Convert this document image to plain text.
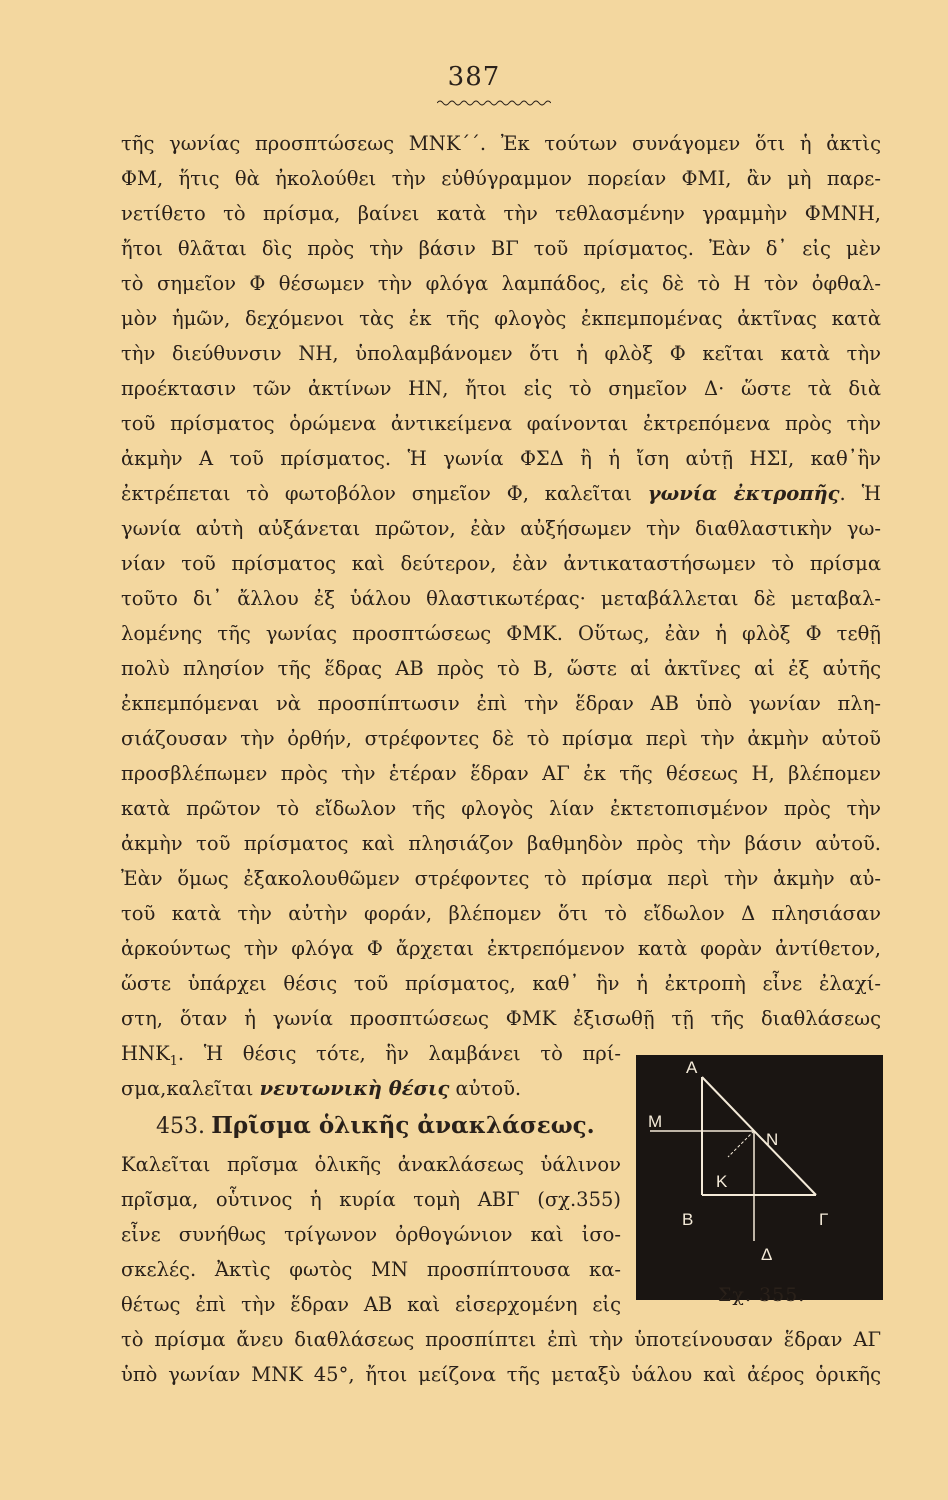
387
τῆς γωνίας προσπτώσεως ΜΝΚ΄΄. Ἐκ τούτων συνάγομεν ὅτι ἡ ἀκτὶς
ΦΜ, ἥτις θὰ ἠκολούθει τὴν εὐθύγραμμον πορείαν ΦΜΙ, ἂν μὴ παρε-
νετίθετο τὸ πρίσμα, βαίνει κατὰ τὴν τεθλασμένην γραμμὴν ΦΜΝΗ,
ἤτοι θλᾶται δὶς πρὸς τὴν βάσιν ΒΓ τοῦ πρίσματος. Ἐὰν δ᾽ εἰς μὲν
τὸ σημεῖον Φ θέσωμεν τὴν φλόγα λαμπάδος, εἰς δὲ τὸ Η τὸν ὀφθαλ-
μὸν ἡμῶν, δεχόμενοι τὰς ἐκ τῆς φλογὸς ἐκπεμπομένας ἀκτῖνας κατὰ
τὴν διεύθυνσιν ΝΗ, ὑπολαμβάνομεν ὅτι ἡ φλὸξ Φ κεῖται κατὰ τὴν
προέκτασιν τῶν ἀκτίνων ΗΝ, ἤτοι εἰς τὸ σημεῖον Δ· ὥστε τὰ διὰ
τοῦ πρίσματος ὁρώμενα ἀντικείμενα φαίνονται ἐκτρεπόμενα πρὸς τὴν
ἀκμὴν Α τοῦ πρίσματος. Ἡ γωνία ΦΣΔ ἢ ἡ ἴση αὐτῇ ΗΣΙ, καθ᾽ἣν
ἐκτρέπεται τὸ φωτοβόλον σημεῖον Φ, καλεῖται γωνία ἐκτροπῆς. Ἡ
γωνία αὐτὴ αὐξάνεται πρῶτον, ἐὰν αὐξήσωμεν τὴν διαθλαστικὴν γω-
νίαν τοῦ πρίσματος καὶ δεύτερον, ἐὰν ἀντικαταστήσωμεν τὸ πρίσμα
τοῦτο δι᾽ ἄλλου ἐξ ὑάλου θλαστικωτέρας· μεταβάλλεται δὲ μεταβαλ-
λομένης τῆς γωνίας προσπτώσεως ΦΜΚ. Οὕτως, ἐὰν ἡ φλὸξ Φ τεθῇ
πολὺ πλησίον τῆς ἕδρας ΑΒ πρὸς τὸ Β, ὥστε αἱ ἀκτῖνες αἱ ἐξ αὐτῆς
ἐκπεμπόμεναι νὰ προσπίπτωσιν ἐπὶ τὴν ἕδραν ΑΒ ὑπὸ γωνίαν πλη-
σιάζουσαν τὴν ὀρθήν, στρέφοντες δὲ τὸ πρίσμα περὶ τὴν ἀκμὴν αὐτοῦ
προσβλέπωμεν πρὸς τὴν ἑτέραν ἕδραν ΑΓ ἐκ τῆς θέσεως Η, βλέπομεν
κατὰ πρῶτον τὸ εἴδωλον τῆς φλογὸς λίαν ἐκτετοπισμένον πρὸς τὴν
ἀκμὴν τοῦ πρίσματος καὶ πλησιάζον βαθμηδὸν πρὸς τὴν βάσιν αὐτοῦ.
Ἐὰν ὅμως ἐξακολουθῶμεν στρέφοντες τὸ πρίσμα περὶ τὴν ἀκμὴν αὐ-
τοῦ κατὰ τὴν αὐτὴν φοράν, βλέπομεν ὅτι τὸ εἴδωλον Δ πλησιάσαν
ἀρκούντως τὴν φλόγα Φ ἄρχεται ἐκτρεπόμενον κατὰ φορὰν ἀντίθετον,
ὥστε ὑπάρχει θέσις τοῦ πρίσματος, καθ᾽ ἣν ἡ ἐκτροπὴ εἶνε ἐλαχί-
στη, ὅταν ἡ γωνία προσπτώσεως ΦΜΚ ἐξισωθῇ τῇ τῆς διαθλάσεως
$HNK_1$. Ἡ θέσις τότε, ἣν λαμβάνει τὸ πρί-
σμα,καλεῖται νευτωνικὴ θέσις αὐτοῦ.
453. Πρῖσμα ὁλικῆς ἀνακλάσεως.
Καλεῖται πρῖσμα ὁλικῆς ἀνακλάσεως ὑάλινον
πρῖσμα, οὗτινος ἡ κυρία τομὴ ΑΒΓ (σχ.355)
εἶνε συνήθως τρίγωνον ὀρθογώνιον καὶ ἰσο-
σκελές. Ἀκτὶς φωτὸς ΜΝ προσπίπτουσα κα-
θέτως ἐπὶ τὴν ἕδραν ΑΒ καὶ εἰσερχομένη εἰς
τὸ πρίσμα ἄνευ διαθλάσεως προσπίπτει ἐπὶ τὴν ὑποτείνουσαν ἕδραν ΑΓ
ὑπὸ γωνίαν ΜΝΚ 45°, ἤτοι μείζονα τῆς μεταξὺ ὑάλου καὶ ἀέρος ὁρικῆς
Α
Μ
Ν
Κ
Β	Γ
Δ
Σχ. 355.
